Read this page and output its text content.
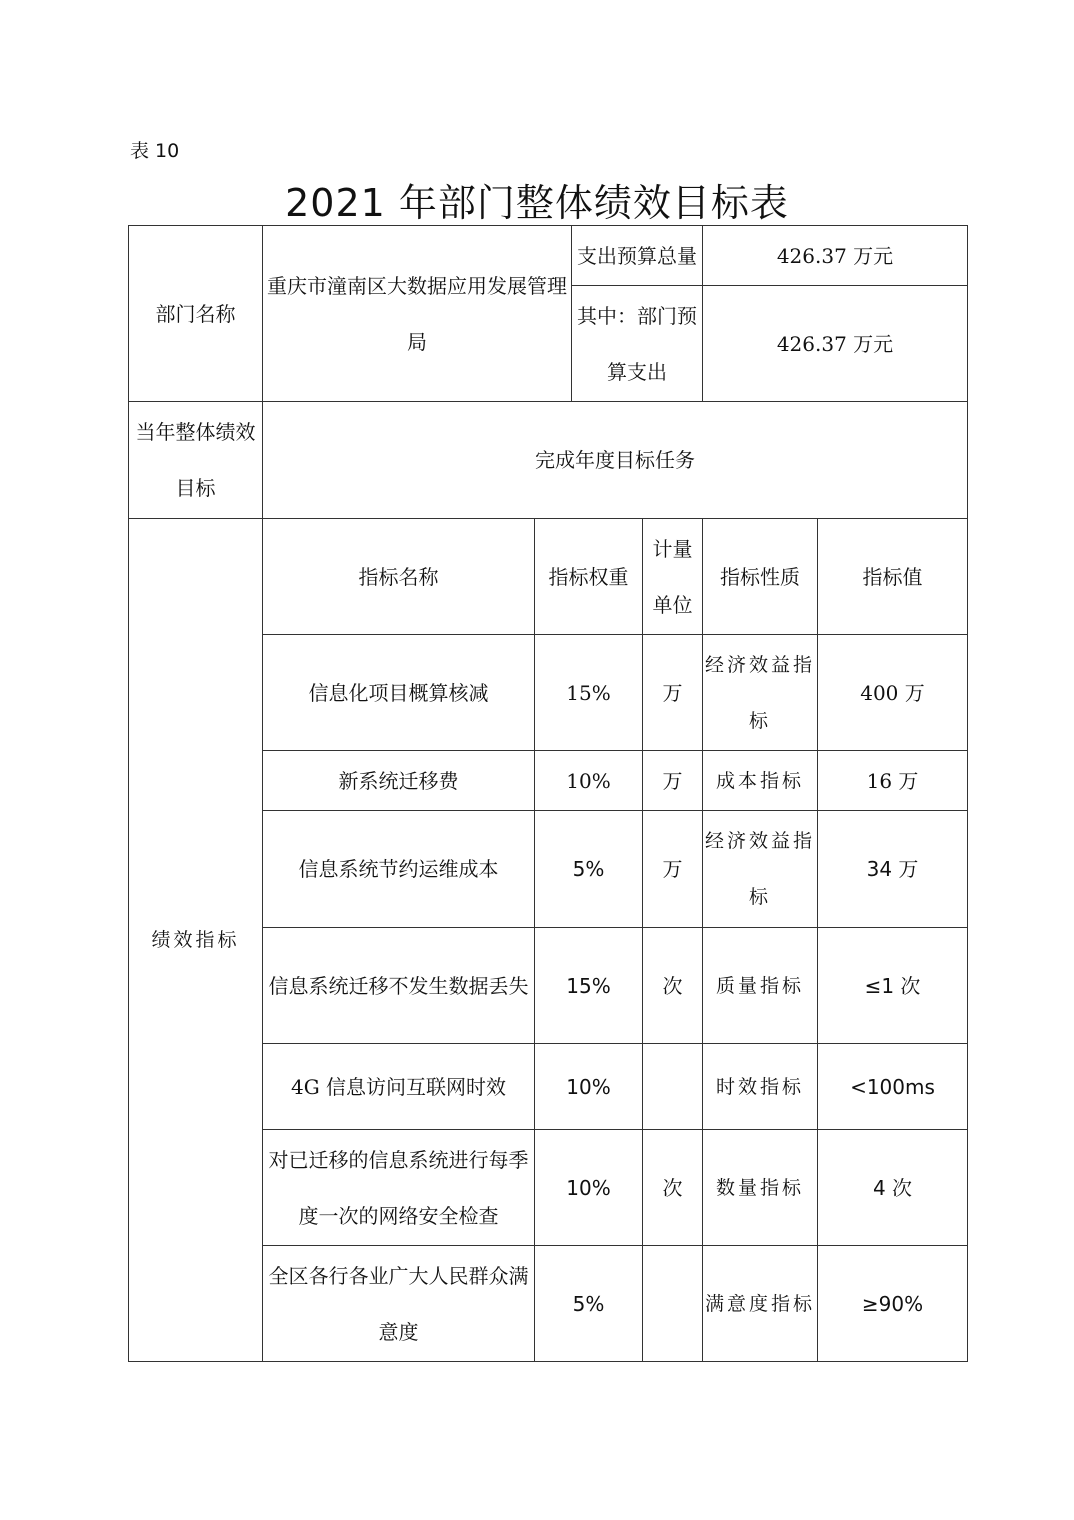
表 10
2021 年部门整体绩效目标表
部门名称	重庆市潼南区大数据应用发展管理局		支出预算总量		426.37 万元	
			其中：部门预算支出		426.37 万元	
当年整体绩效目标	完成年度目标任务					
绩效指标	指标名称	指标权重		计量单位	指标性质	指标值
	信息化项目概算核减	15%		万	经济效益指标	400 万
	新系统迁移费	10%		万	成本指标	16 万
	信息系统节约运维成本	5%		万	经济效益指标	34 万
	信息系统迁移不发生数据丢失	15%		次	质量指标	≤1 次
	4G 信息访问互联网时效	10%			时效指标	<100ms
	对已迁移的信息系统进行每季度一次的网络安全检查	10%		次	数量指标	4 次
	全区各行各业广大人民群众满意度	5%			满意度指标	≥90%
